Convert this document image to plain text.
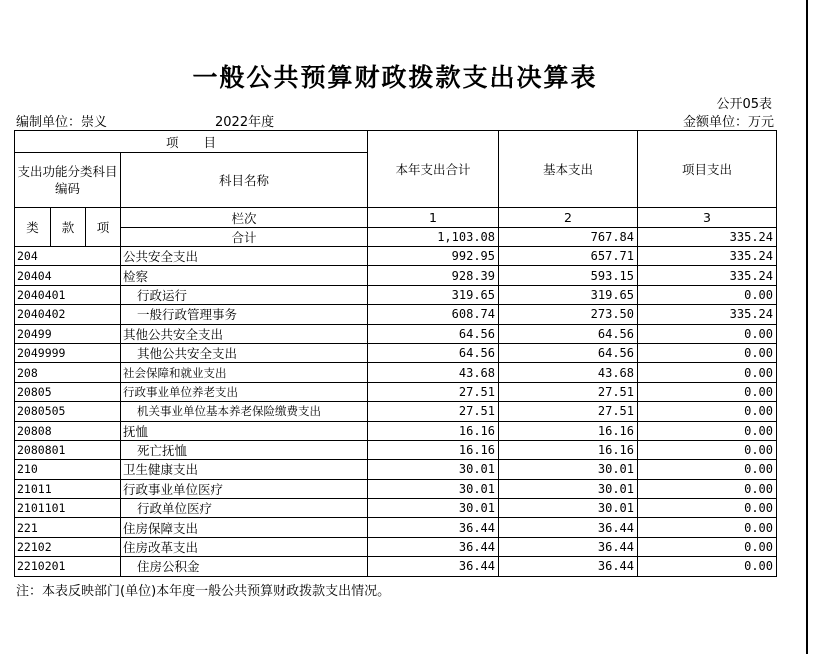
一般公共预算财政拨款支出决算表
公开05表
编制单位：崇义	2022年度	金额单位：万元
项　　目				本年支出合计	基本支出	项目支出
支出功能分类科目编码			科目名称			
类	款	项	栏次	1	2	3
			合计	1,103.08	767.84	335.24
204			公共安全支出	992.95	657.71	335.24
20404			检察	928.39	593.15	335.24
2040401			行政运行	319.65	319.65	0.00
2040402			一般行政管理事务	608.74	273.50	335.24
20499			其他公共安全支出	64.56	64.56	0.00
2049999			其他公共安全支出	64.56	64.56	0.00
208			社会保障和就业支出	43.68	43.68	0.00
20805			行政事业单位养老支出	27.51	27.51	0.00
2080505			机关事业单位基本养老保险缴费支出	27.51	27.51	0.00
20808			抚恤	16.16	16.16	0.00
2080801			死亡抚恤	16.16	16.16	0.00
210			卫生健康支出	30.01	30.01	0.00
21011			行政事业单位医疗	30.01	30.01	0.00
2101101			行政单位医疗	30.01	30.01	0.00
221			住房保障支出	36.44	36.44	0.00
22102			住房改革支出	36.44	36.44	0.00
2210201			住房公积金	36.44	36.44	0.00
注：本表反映部门(单位)本年度一般公共预算财政拨款支出情况。
